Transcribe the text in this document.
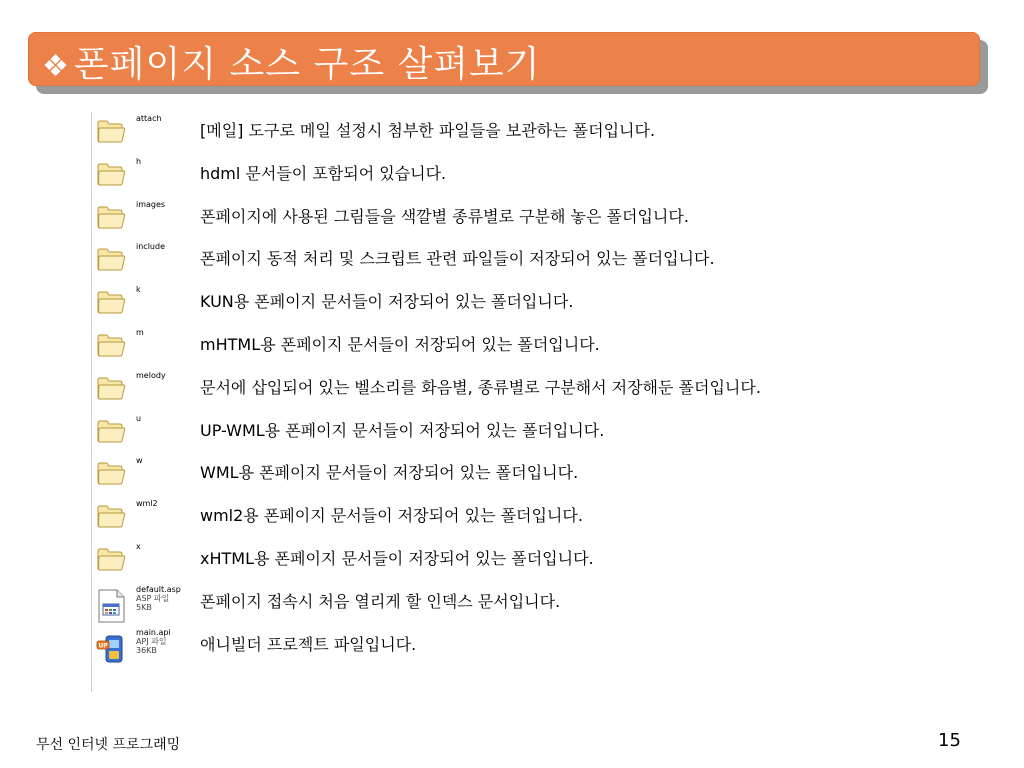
❖ 폰페이지 소스 구조 살펴보기
attach
[메일] 도구로 메일 설정시 첨부한 파일들을 보관하는 폴더입니다.
h
hdml 문서들이 포함되어 있습니다.
images
폰페이지에 사용된 그림들을 색깔별 종류별로 구분해 놓은 폴더입니다.
include
폰페이지 동적 처리 및 스크립트 관련 파일들이 저장되어 있는 폴더입니다.
k
KUN용 폰페이지 문서들이 저장되어 있는 폴더입니다.
m
mHTML용 폰페이지 문서들이 저장되어 있는 폴더입니다.
melody
문서에 삽입되어 있는 벨소리를 화음별, 종류별로 구분해서 저장해둔 폴더입니다.
u
UP-WML용 폰페이지 문서들이 저장되어 있는 폴더입니다.
w
WML용 폰페이지 문서들이 저장되어 있는 폴더입니다.
wml2
wml2용 폰페이지 문서들이 저장되어 있는 폴더입니다.
x
xHTML용 폰페이지 문서들이 저장되어 있는 폴더입니다.
default.asp
ASP 파일
5KB	폰페이지 접속시 처음 열리게 할 인덱스 문서입니다.
UP
main.api
APJ 파일
36KB	애니빌더 프로젝트 파일입니다.
무선 인터넷 프로그래밍	15
